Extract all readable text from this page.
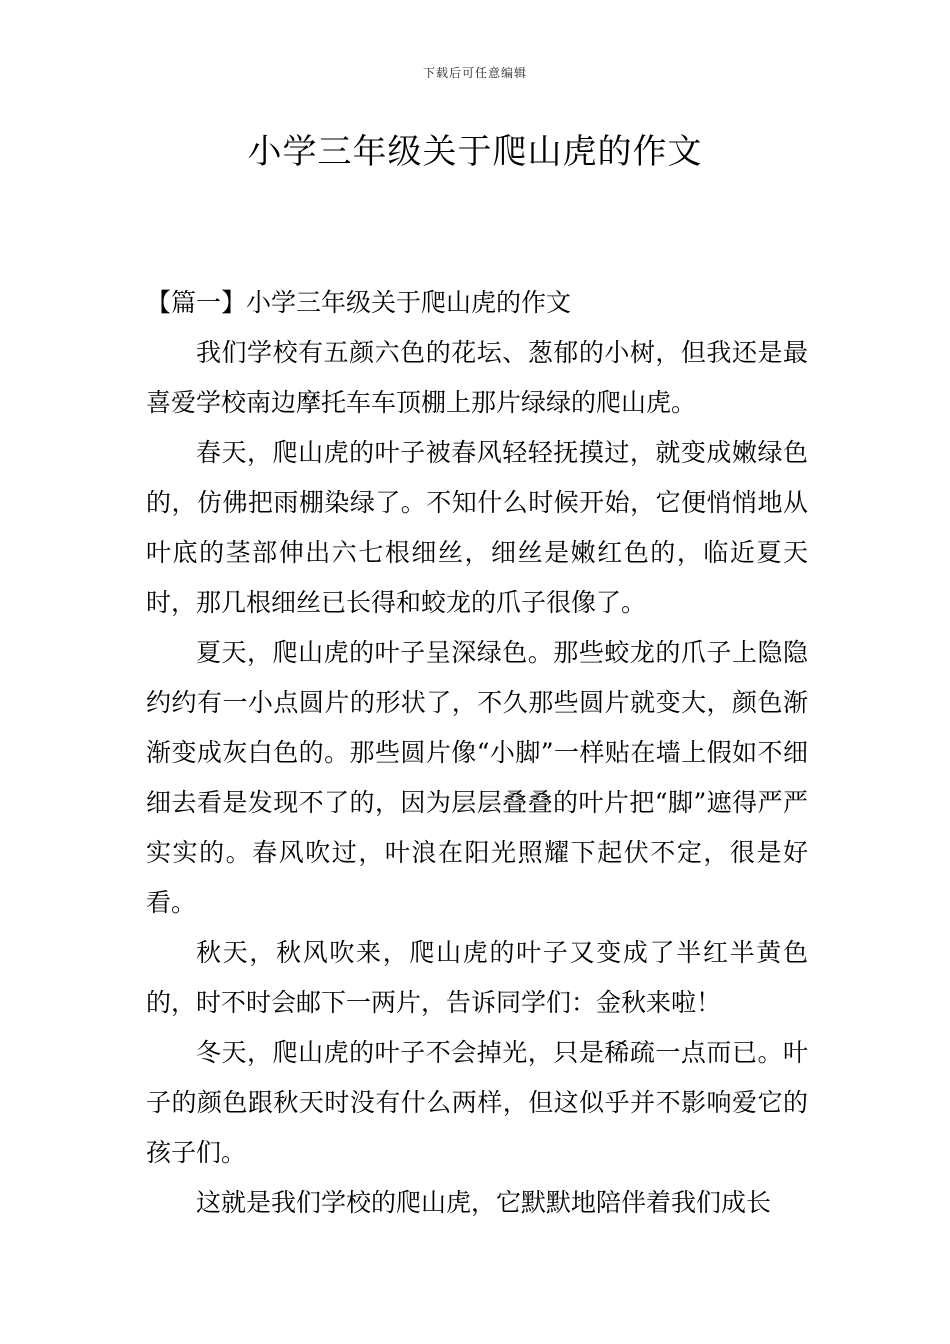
下载后可任意编辑
小学三年级关于爬山虎的作文

【篇一】小学三年级关于爬山虎的作文

我们学校有五颜六色的花坛、葱郁的小树，但我还是最喜爱学校南边摩托车车顶棚上那片绿绿的爬山虎。

春天，爬山虎的叶子被春风轻轻抚摸过，就变成嫩绿色的，仿佛把雨棚染绿了。不知什么时候开始，它便悄悄地从叶底的茎部伸出六七根细丝，细丝是嫩红色的，临近夏天时，那几根细丝已长得和蛟龙的爪子很像了。

夏天，爬山虎的叶子呈深绿色。那些蛟龙的爪子上隐隐约约有一小点圆片的形状了，不久那些圆片就变大，颜色渐渐变成灰白色的。那些圆片像“小脚”一样贴在墙上假如不细细去看是发现不了的，因为层层叠叠的叶片把“脚”遮得严严实实的。春风吹过，叶浪在阳光照耀下起伏不定，很是好看。

秋天，秋风吹来，爬山虎的叶子又变成了半红半黄色的，时不时会邮下一两片，告诉同学们：金秋来啦！

冬天，爬山虎的叶子不会掉光，只是稀疏一点而已。叶子的颜色跟秋天时没有什么两样，但这似乎并不影响爱它的孩子们。

这就是我们学校的爬山虎，它默默地陪伴着我们成长
